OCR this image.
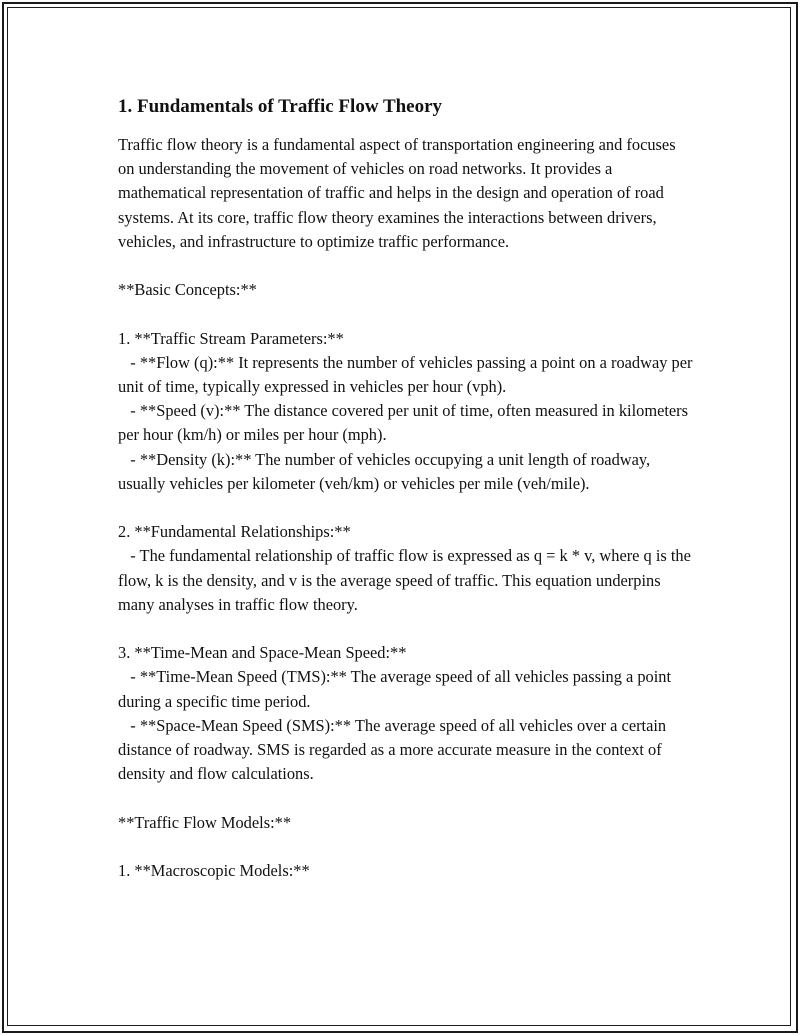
1. Fundamentals of Traffic Flow Theory
Traffic flow theory is a fundamental aspect of transportation engineering and focuses on understanding the movement of vehicles on road networks. It provides a mathematical representation of traffic and helps in the design and operation of road systems. At its core, traffic flow theory examines the interactions between drivers, vehicles, and infrastructure to optimize traffic performance.

**Basic Concepts:**

1. **Traffic Stream Parameters:**
- **Flow (q):** It represents the number of vehicles passing a point on a roadway per unit of time, typically expressed in vehicles per hour (vph).
- **Speed (v):** The distance covered per unit of time, often measured in kilometers per hour (km/h) or miles per hour (mph).
- **Density (k):** The number of vehicles occupying a unit length of roadway, usually vehicles per kilometer (veh/km) or vehicles per mile (veh/mile).

2. **Fundamental Relationships:**
- The fundamental relationship of traffic flow is expressed as q = k * v, where q is the flow, k is the density, and v is the average speed of traffic. This equation underpins many analyses in traffic flow theory.

3. **Time-Mean and Space-Mean Speed:**
- **Time-Mean Speed (TMS):** The average speed of all vehicles passing a point during a specific time period.
- **Space-Mean Speed (SMS):** The average speed of all vehicles over a certain distance of roadway. SMS is regarded as a more accurate measure in the context of density and flow calculations.

**Traffic Flow Models:**

1. **Macroscopic Models:**
